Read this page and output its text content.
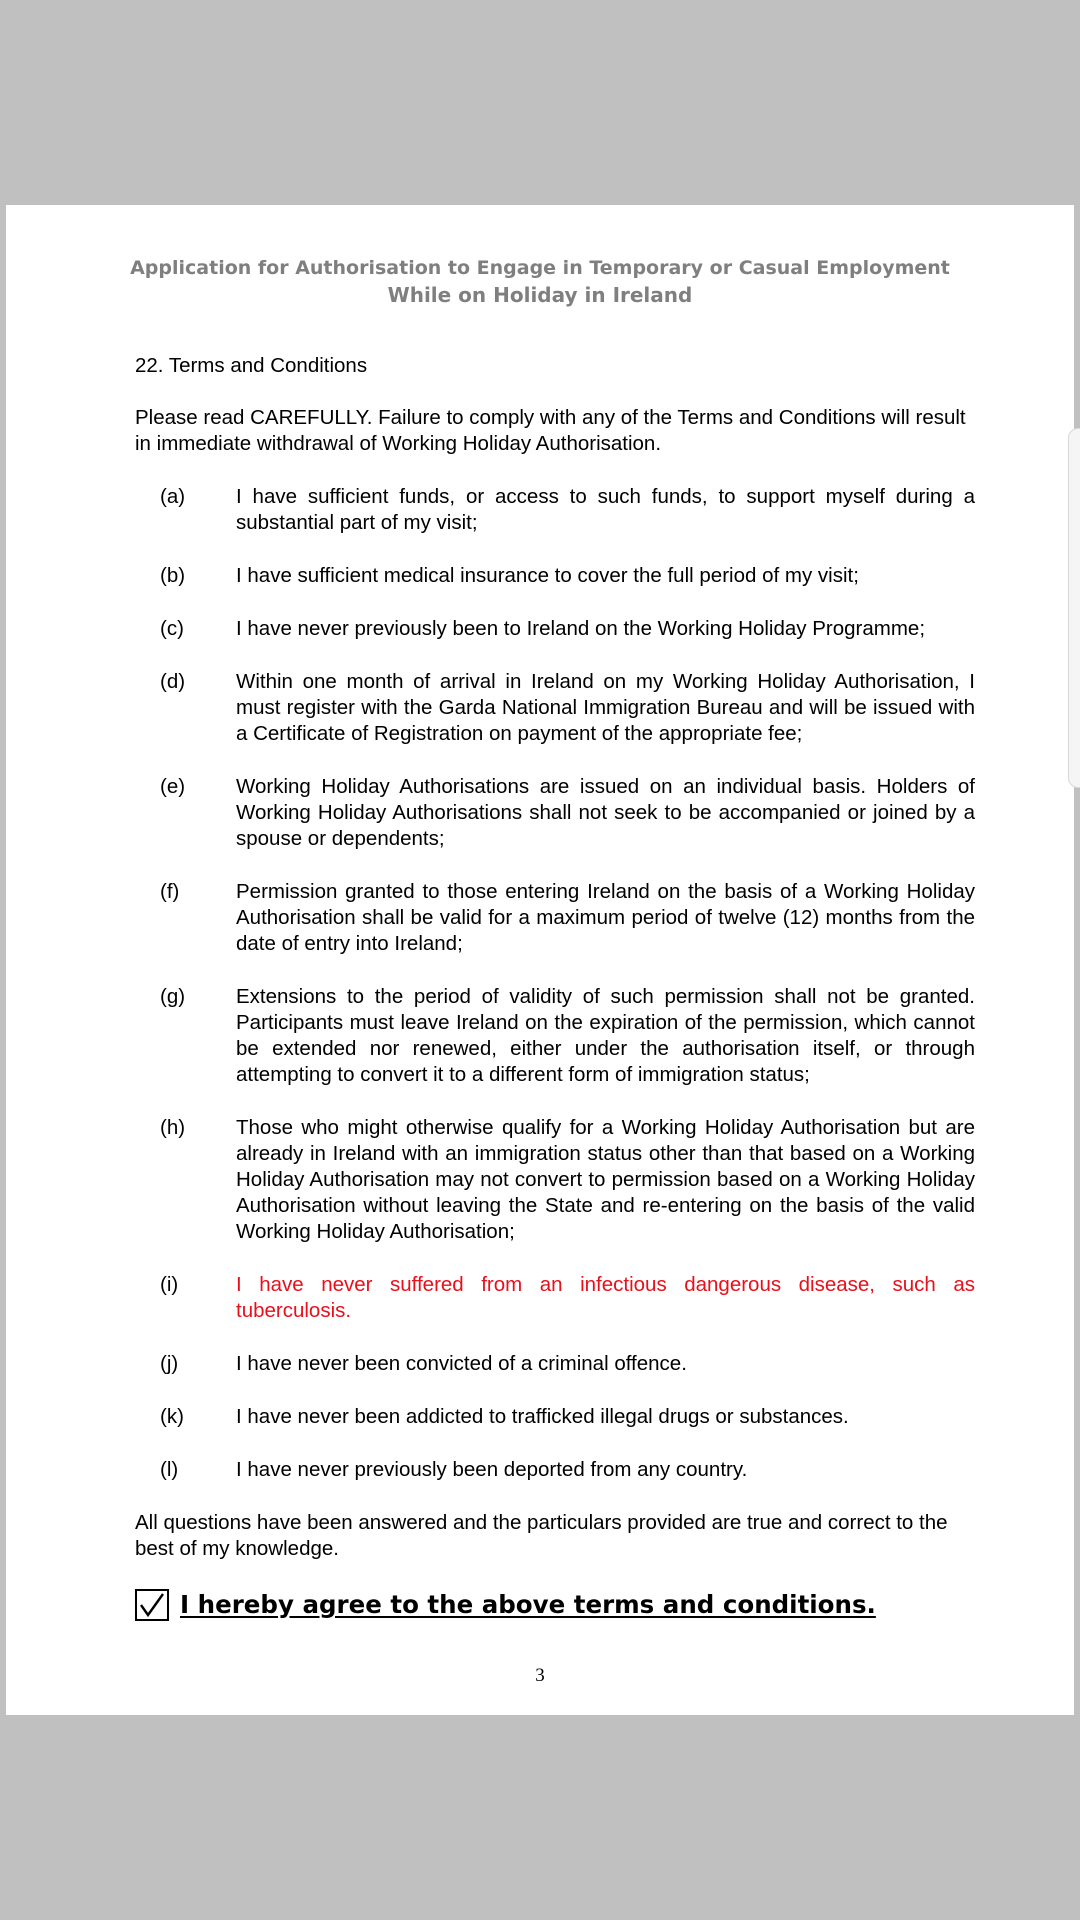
Application for Authorisation to Engage in Temporary or Casual Employment
While on Holiday in Ireland
22. Terms and Conditions
Please read CAREFULLY. Failure to comply with any of the Terms and Conditions will result in immediate withdrawal of Working Holiday Authorisation.
(a)	I have sufficient funds, or access to such funds, to support myself during a substantial part of my visit;
(b)	I have sufficient medical insurance to cover the full period of my visit;
(c)	I have never previously been to Ireland on the Working Holiday Programme;
(d)	Within one month of arrival in Ireland on my Working Holiday Authorisation, I must register with the Garda National Immigration Bureau and will be issued with a Certificate of Registration on payment of the appropriate fee;
(e)	Working Holiday Authorisations are issued on an individual basis. Holders of Working Holiday Authorisations shall not seek to be accompanied or joined by a spouse or dependents;
(f)	Permission granted to those entering Ireland on the basis of a Working Holiday Authorisation shall be valid for a maximum period of twelve (12) months from the date of entry into Ireland;
(g)	Extensions to the period of validity of such permission shall not be granted. Participants must leave Ireland on the expiration of the permission, which cannot be extended nor renewed, either under the authorisation itself, or through attempting to convert it to a different form of immigration status;
(h)	Those who might otherwise qualify for a Working Holiday Authorisation but are already in Ireland with an immigration status other than that based on a Working Holiday Authorisation may not convert to permission based on a Working Holiday Authorisation without leaving the State and re-entering on the basis of the valid Working Holiday Authorisation;
(i)	I have never suffered from an infectious dangerous disease, such as tuberculosis.
(j)	I have never been convicted of a criminal offence.
(k)	I have never been addicted to trafficked illegal drugs or substances.
(l)	I have never previously been deported from any country.
All questions have been answered and the particulars provided are true and correct to the best of my knowledge.
I hereby agree to the above terms and conditions.
3
